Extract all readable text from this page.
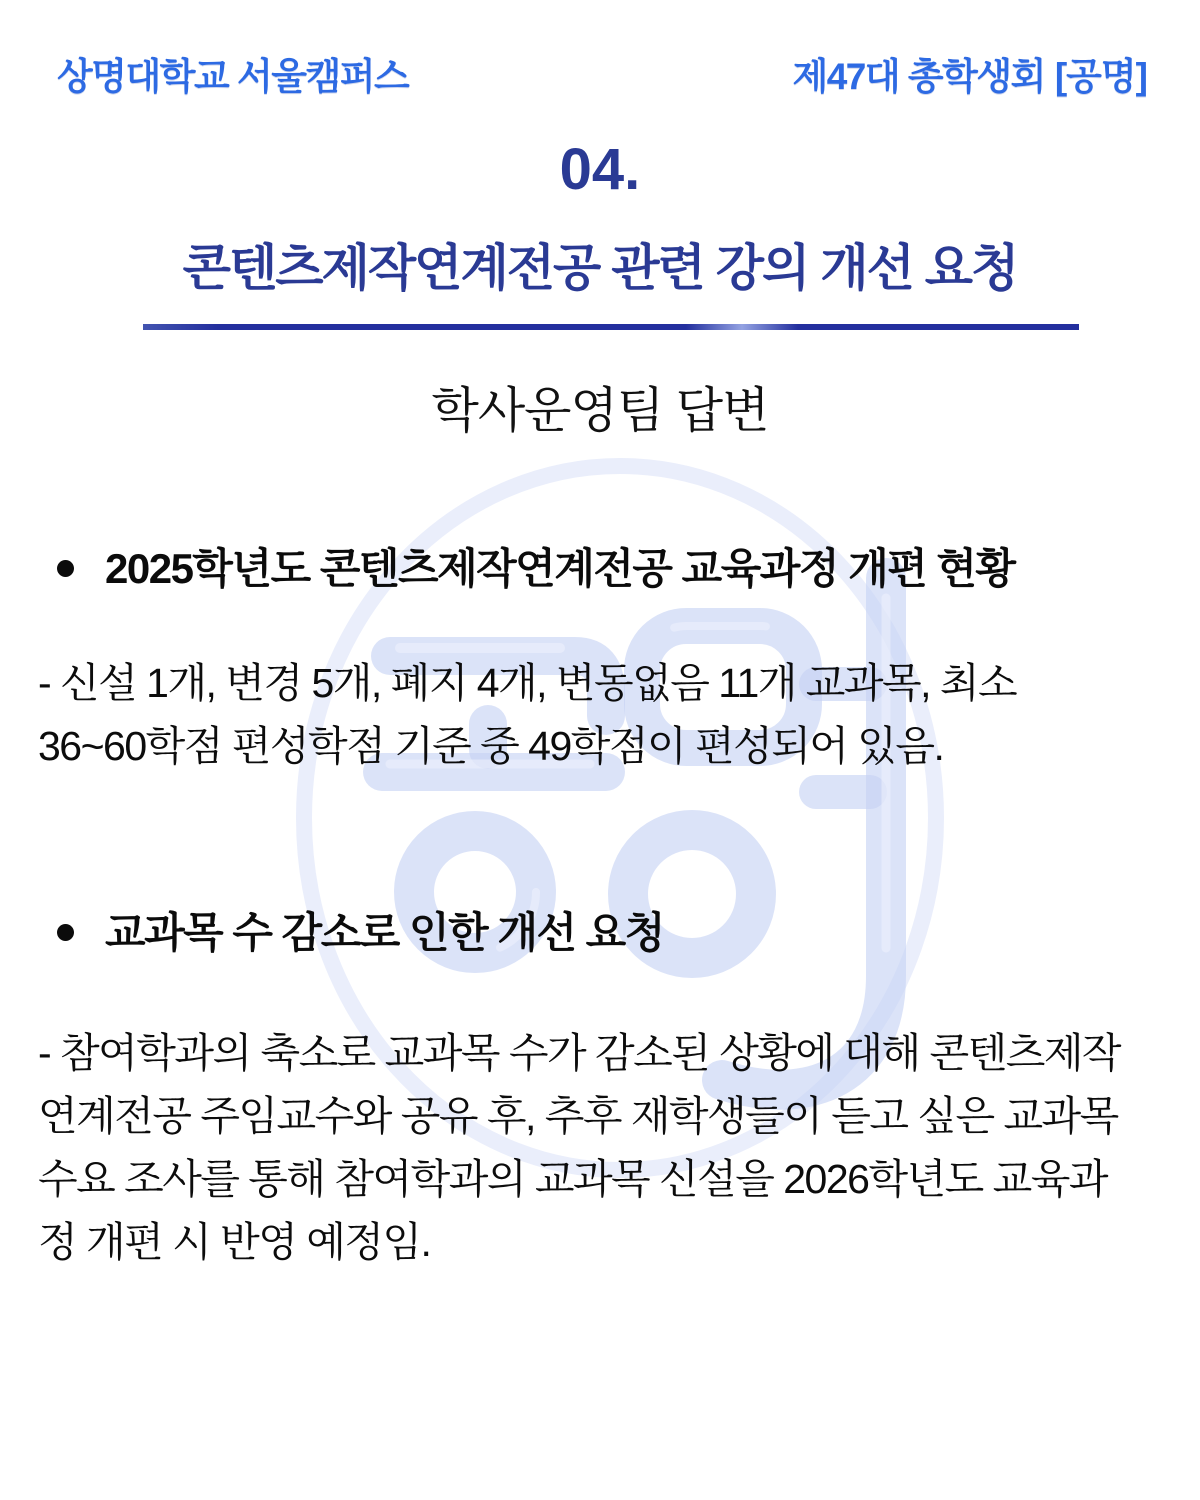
상명대학교 서울캠퍼스	제47대 총학생회 [공명]
04.
콘텐츠제작연계전공 관련 강의 개선 요청
학사운영팀 답변
2025학년도 콘텐츠제작연계전공 교육과정 개편 현황
- 신설 1개, 변경 5개, 폐지 4개, 변동없음 11개 교과목, 최소
36~60학점 편성학점 기준 중 49학점이 편성되어 있음.
교과목 수 감소로 인한 개선 요청
- 참여학과의 축소로 교과목 수가 감소된 상황에 대해 콘텐츠제작
연계전공 주임교수와 공유 후, 추후 재학생들이 듣고 싶은 교과목
수요 조사를 통해 참여학과의 교과목 신설을 2026학년도 교육과
정 개편 시 반영 예정임.
